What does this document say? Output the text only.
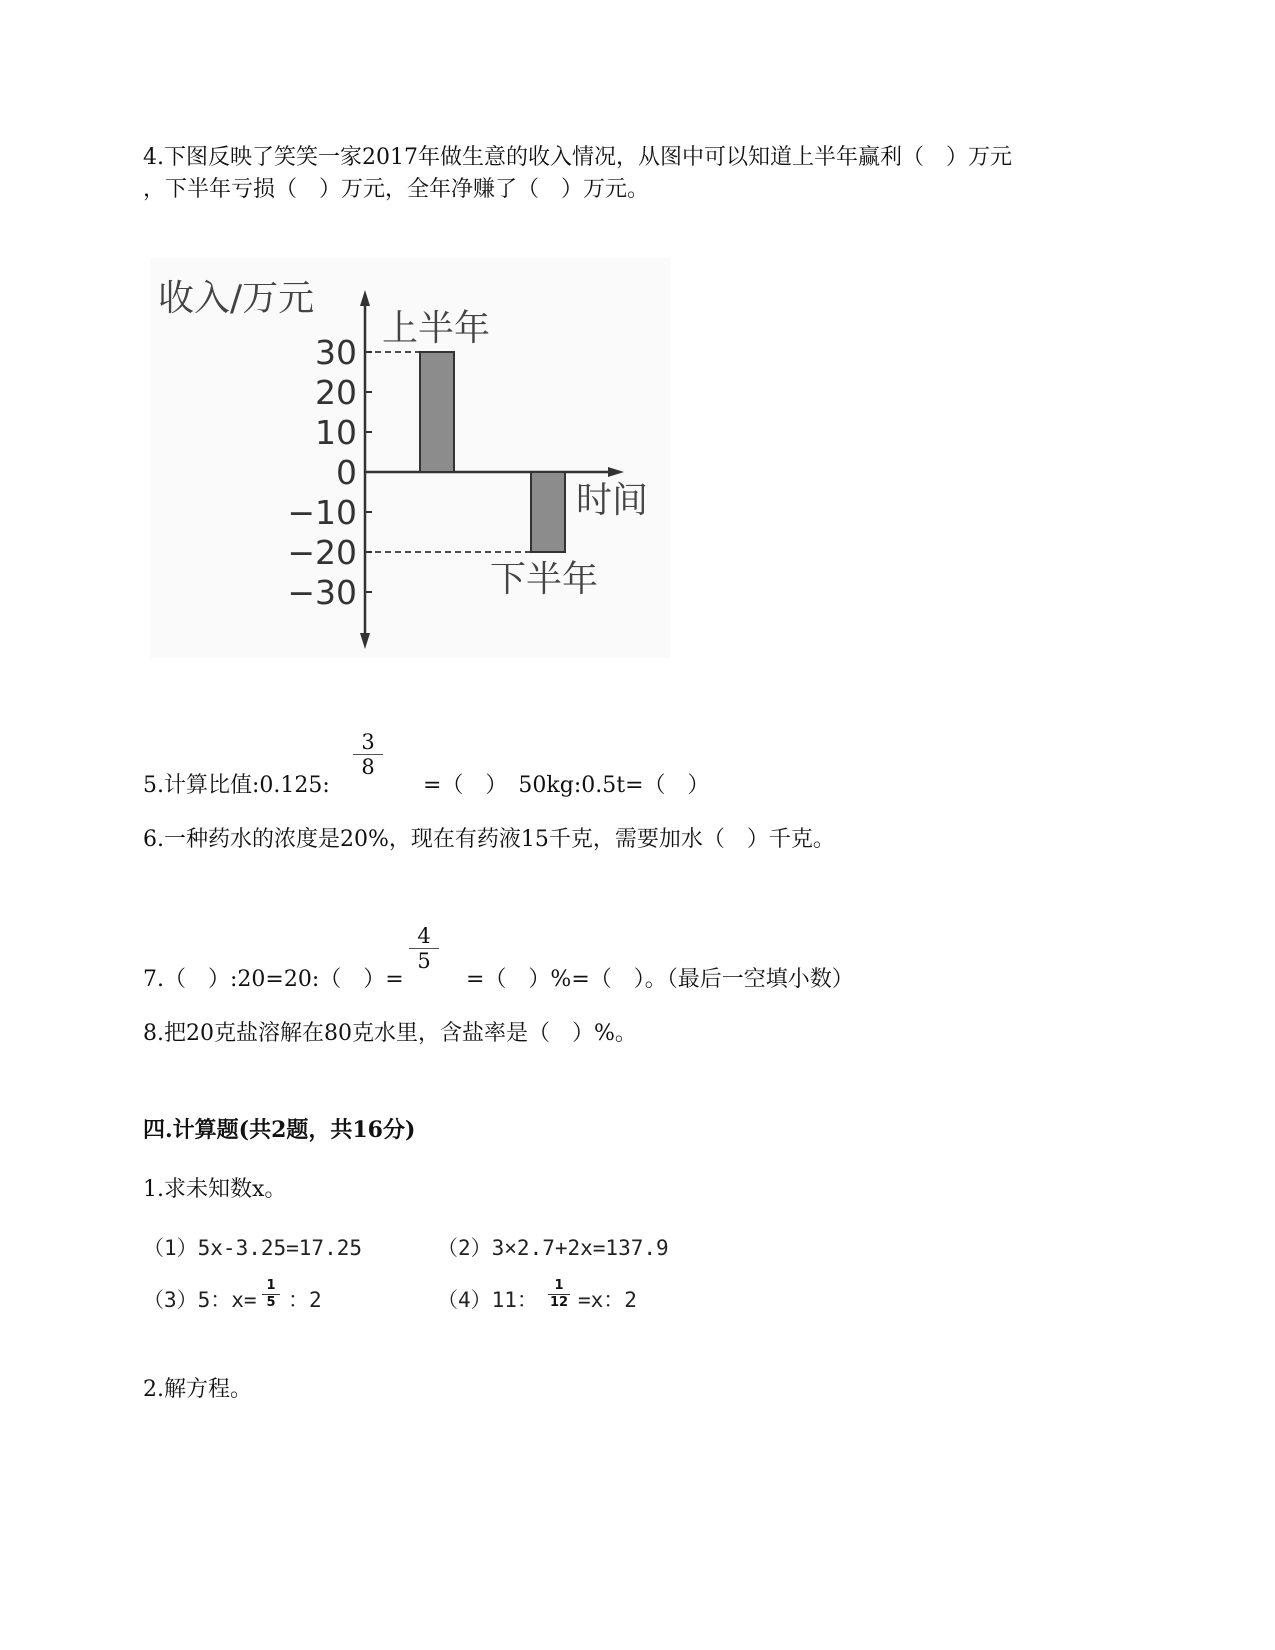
4.下图反映了笑笑一家2017年做生意的收入情况，从图中可以知道上半年赢利（　）万元
，下半年亏损（　）万元，全年净赚了（　）万元。
30
20
10
0
−10
−20
−30
收入/万元
时间
上半年
下半年
5.计算比值:0.125:
$\frac{3}{8}$
=（　）　50kg:0.5t=（　）
6.一种药水的浓度是20%，现在有药液15千克，需要加水（　）千克。
7.（　）:20=20:（　）=
$\frac{4}{5}$
=（　）%=（　）。（最后一空填小数）
8.把20克盐溶解在80克水里，含盐率是（　）%。
四.计算题(共2题，共16分)
1.求未知数x。
（1）5x-3.25=17.25	（2）3×2.7+2x=137.9
（3）5：$x= \frac{1}{5}$ ：2	（4）11： $\frac{1}{12} =x$：2
2.解方程。
